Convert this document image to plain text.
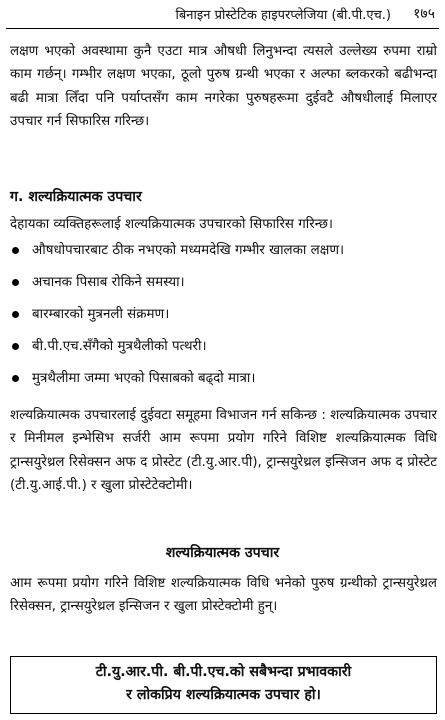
बिनाइन प्रोस्टेटिक हाइपरप्लेजिया (बी.पी.एच.) १७५

लक्षण भएको अवस्थामा कुनै एउटा मात्र औषधी लिनुभन्दा त्यसले उल्लेख्य रुपमा राम्रो काम गर्छन्। गम्भीर लक्षण भएका, ठूलो पुरुष ग्रन्थी भएका र अल्फा ब्लकरको बढीभन्दा बढी मात्रा लिँदा पनि पर्याप्तसँग काम नगरेका पुरुषहरूमा दुईवटै औषधीलाई मिलाएर उपचार गर्न सिफारिस गरिन्छ।

ग. शल्यक्रियात्मक उपचार

देहायका व्यक्तिहरूलाई शल्यक्रियात्मक उपचारको सिफारिस गरिन्छ।

औषधोपचारबाट ठीक नभएको मध्यमदेखि गम्भीर खालका लक्षण।
अचानक पिसाब रोकिने समस्या।
बारम्बारको मुत्रनली संक्रमण।
बी.पी.एच.सँगैको मुत्रथैलीको पत्थरी।
मुत्रथैलीमा जम्मा भएको पिसाबको बढ्दो मात्रा।

शल्यक्रियात्मक उपचारलाई दुईवटा समूहमा विभाजन गर्न सकिन्छ : शल्यक्रियात्मक उपचार र मिनीमल इन्भेसिभ सर्जरी आम रूपमा प्रयोग गरिने विशिष्ट शल्यक्रियात्मक विधि ट्रान्सयुरेथ्रल रिसेक्सन अफ द प्रोस्टेट (टी.यु.आर.पी), ट्रान्सयुरेथ्रल इन्सिजन अफ द प्रोस्टेट (टी.यु.आई.पी.) र खुला प्रोस्टेटेक्टोमी।

शल्यक्रियात्मक उपचार

आम रूपमा प्रयोग गरिने विशिष्ट शल्यक्रियात्मक विधि भनेको पुरुष ग्रन्थीको ट्रान्सयुरेथ्रल रिसेक्सन, ट्रान्सयुरेथ्रल इन्सिजन र खुला प्रोस्टेक्टोमी हुन्।

टी.यु.आर.पी. बी.पी.एच.को सबैभन्दा प्रभावकारी
र लोकप्रिय शल्यक्रियात्मक उपचार हो।
